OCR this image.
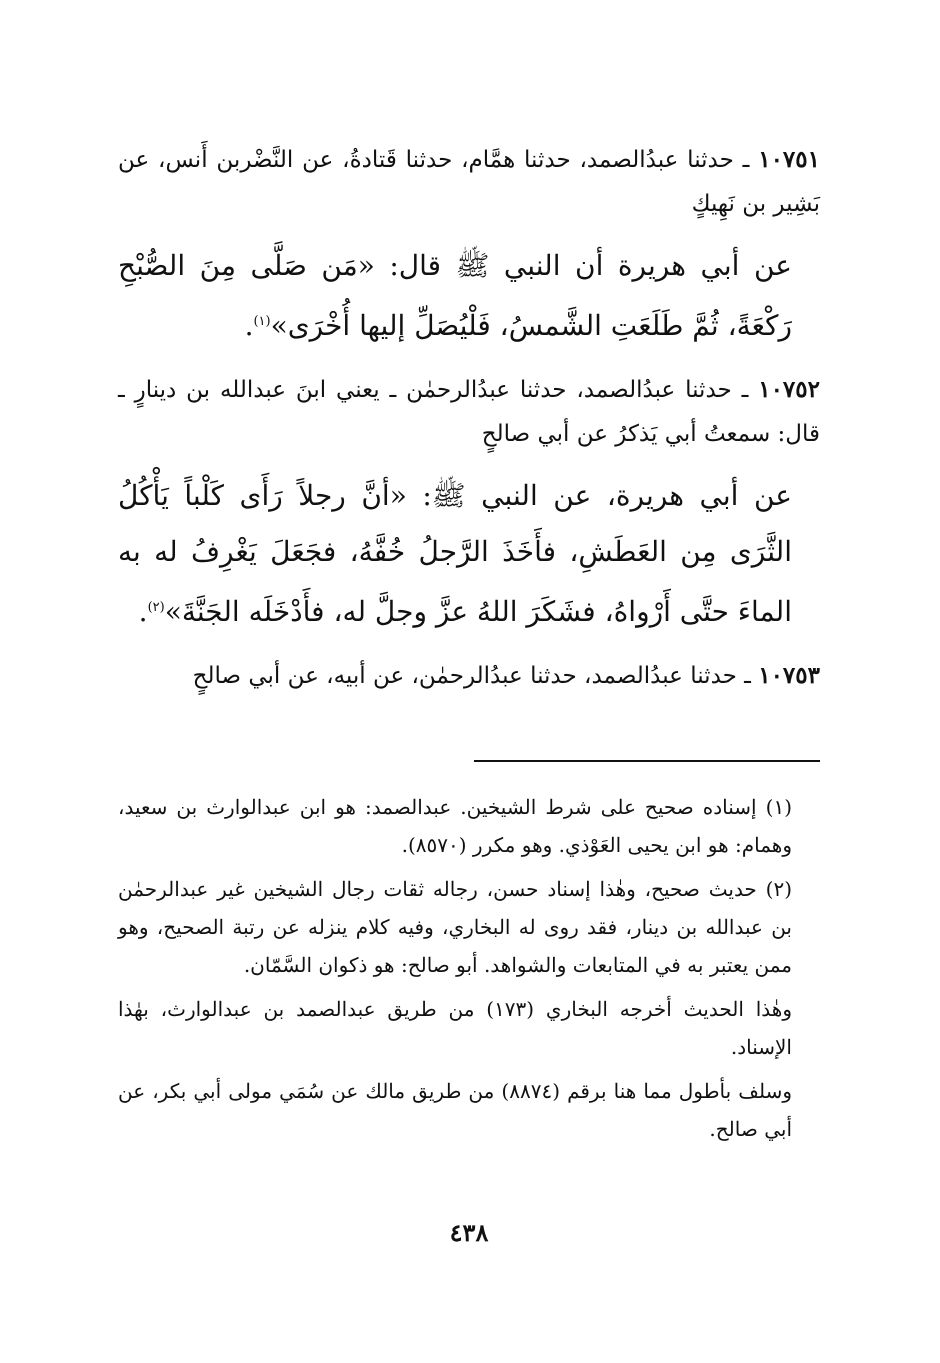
١٠٧٥١ ـ حدثنا عبدُالصمد، حدثنا همَّام، حدثنا قَتادةُ، عن النَّضْربن أَنس، عن بَشِير بن نَهِيكٍ

عن أبي هريرة أن النبي ﷺ قال: «مَن صَلَّى مِنَ الصُّبْحِ رَكْعَةً، ثُمَّ طَلَعَتِ الشَّمسُ، فَلْيُصَلِّ إليها أُخْرَى»$^{(١)}$.

١٠٧٥٢ ـ حدثنا عبدُالصمد، حدثنا عبدُالرحمٰن ـ يعني ابنَ عبدالله بن دينارٍ ـ قال: سمعتُ أبي يَذكرُ عن أبي صالحٍ

عن أبي هريرة، عن النبي ﷺ: «أنَّ رجلاً رَأَى كَلْباً يَأْكُلُ الثَّرَى مِن العَطَشِ، فأَخَذَ الرَّجلُ خُفَّهُ، فجَعَلَ يَغْرِفُ له به الماءَ حتَّى أَرْواهُ، فشَكَرَ اللهُ عزَّ وجلَّ له، فأَدْخَلَه الجَنَّةَ»$^{(٢)}$.

١٠٧٥٣ ـ حدثنا عبدُالصمد، حدثنا عبدُالرحمٰن، عن أبيه، عن أبي صالحٍ

(١) إسناده صحيح على شرط الشيخين. عبدالصمد: هو ابن عبدالوارث بن سعيد، وهمام: هو ابن يحيى العَوْذي. وهو مكرر (٨٥٧٠).

(٢) حديث صحيح، وهٰذا إسناد حسن، رجاله ثقات رجال الشيخين غير عبدالرحمٰن بن عبدالله بن دينار، فقد روى له البخاري، وفيه كلام ينزله عن رتبة الصحيح، وهو ممن يعتبر به في المتابعات والشواهد. أبو صالح: هو ذكوان السَّمّان.

وهٰذا الحديث أخرجه البخاري (١٧٣) من طريق عبدالصمد بن عبدالوارث، بهٰذا الإسناد.

وسلف بأطول مما هنا برقم (٨٨٧٤) من طريق مالك عن سُمَي مولى أبي بكر، عن أبي صالح.

٤٣٨
